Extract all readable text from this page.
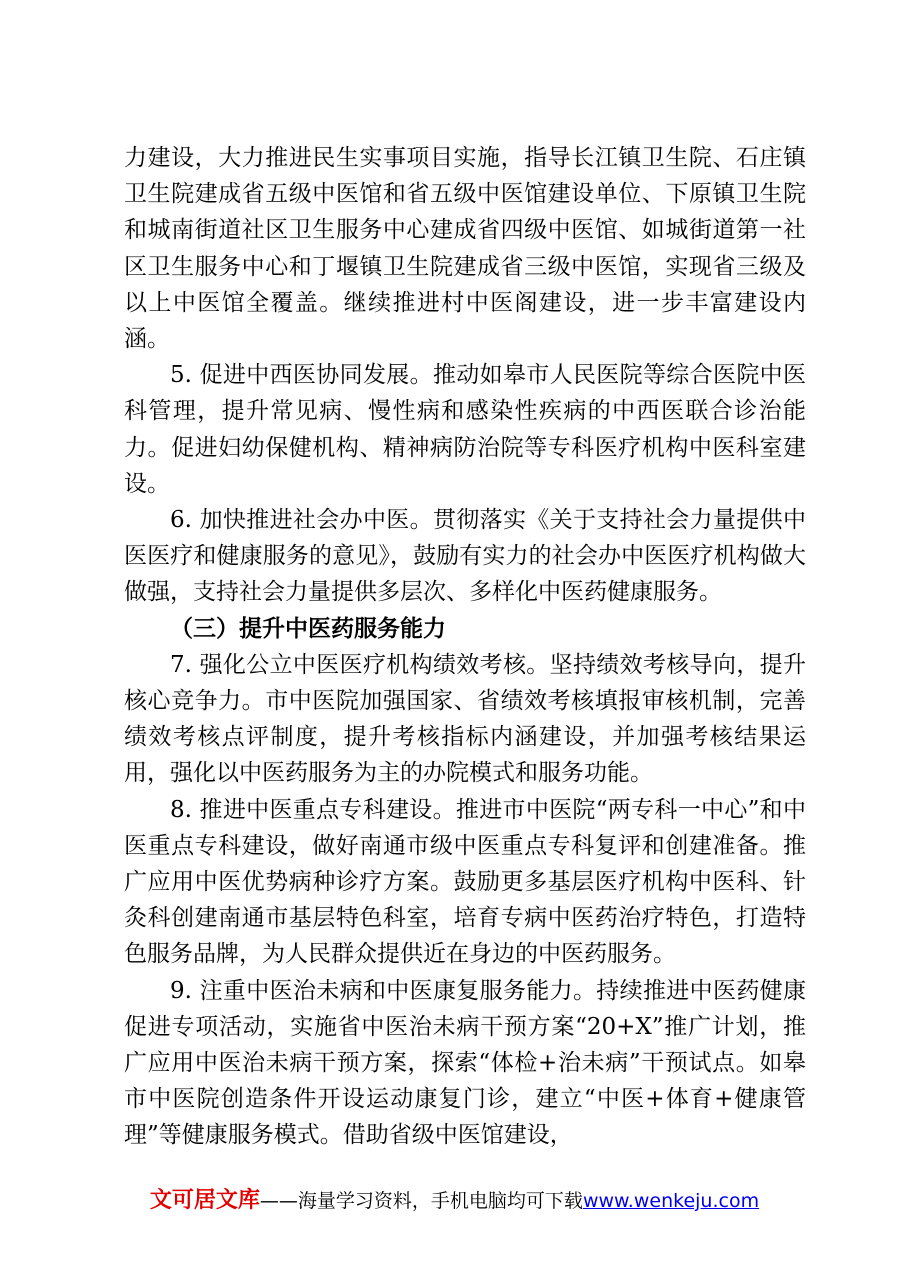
力建设，大力推进民生实事项目实施，指导长江镇卫生院、石庄镇卫生院建成省五级中医馆和省五级中医馆建设单位、下原镇卫生院和城南街道社区卫生服务中心建成省四级中医馆、如城街道第一社区卫生服务中心和丁堰镇卫生院建成省三级中医馆，实现省三级及以上中医馆全覆盖。继续推进村中医阁建设，进一步丰富建设内涵。

5. 促进中西医协同发展。推动如皋市人民医院等综合医院中医科管理，提升常见病、慢性病和感染性疾病的中西医联合诊治能力。促进妇幼保健机构、精神病防治院等专科医疗机构中医科室建设。

6. 加快推进社会办中医。贯彻落实《关于支持社会力量提供中医医疗和健康服务的意见》，鼓励有实力的社会办中医医疗机构做大做强，支持社会力量提供多层次、多样化中医药健康服务。

（三）提升中医药服务能力

7. 强化公立中医医疗机构绩效考核。坚持绩效考核导向，提升核心竞争力。市中医院加强国家、省绩效考核填报审核机制，完善绩效考核点评制度，提升考核指标内涵建设，并加强考核结果运用，强化以中医药服务为主的办院模式和服务功能。

8. 推进中医重点专科建设。推进市中医院“两专科一中心”和中医重点专科建设，做好南通市级中医重点专科复评和创建准备。推广应用中医优势病种诊疗方案。鼓励更多基层医疗机构中医科、针灸科创建南通市基层特色科室，培育专病中医药治疗特色，打造特色服务品牌，为人民群众提供近在身边的中医药服务。

9. 注重中医治未病和中医康复服务能力。持续推进中医药健康促进专项活动，实施省中医治未病干预方案“20+X”推广计划，推广应用中医治未病干预方案，探索“体检+治未病”干预试点。如皋市中医院创造条件开设运动康复门诊，建立“中医+体育+健康管理”等健康服务模式。借助省级中医馆建设，

文可居文库——海量学习资料，手机电脑均可下载www.wenkeju.com
